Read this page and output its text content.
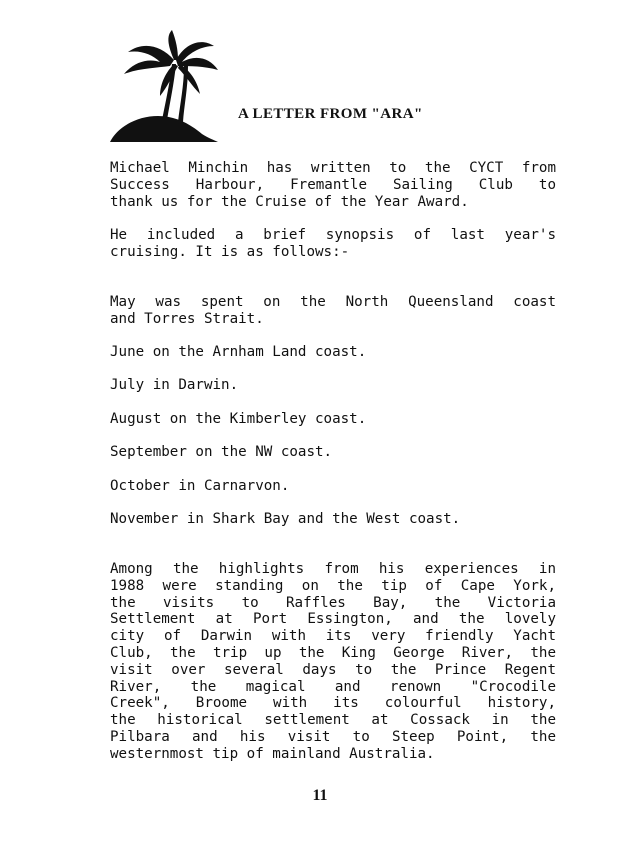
A LETTER FROM "ARA"
Michael Minchin has written to the CYCT from
Success Harbour, Fremantle Sailing Club to
thank us for the Cruise of the Year Award.
He included a brief synopsis of last year's
cruising. It is as follows:-
May was spent on the North Queensland coast
and Torres Strait.
June on the Arnham Land coast.
July in Darwin.
August on the Kimberley coast.
September on the NW coast.
October in Carnarvon.
November in Shark Bay and the West coast.
Among the highlights from his experiences in
1988 were standing on the tip of Cape York,
the visits to Raffles Bay, the Victoria
Settlement at Port Essington, and the lovely
city of Darwin with its very friendly Yacht
Club, the trip up the King George River, the
visit over several days to the Prince Regent
River, the magical and renown "Crocodile
Creek", Broome with its colourful history,
the historical settlement at Cossack in the
Pilbara and his visit to Steep Point, the
westernmost tip of mainland Australia.
11
